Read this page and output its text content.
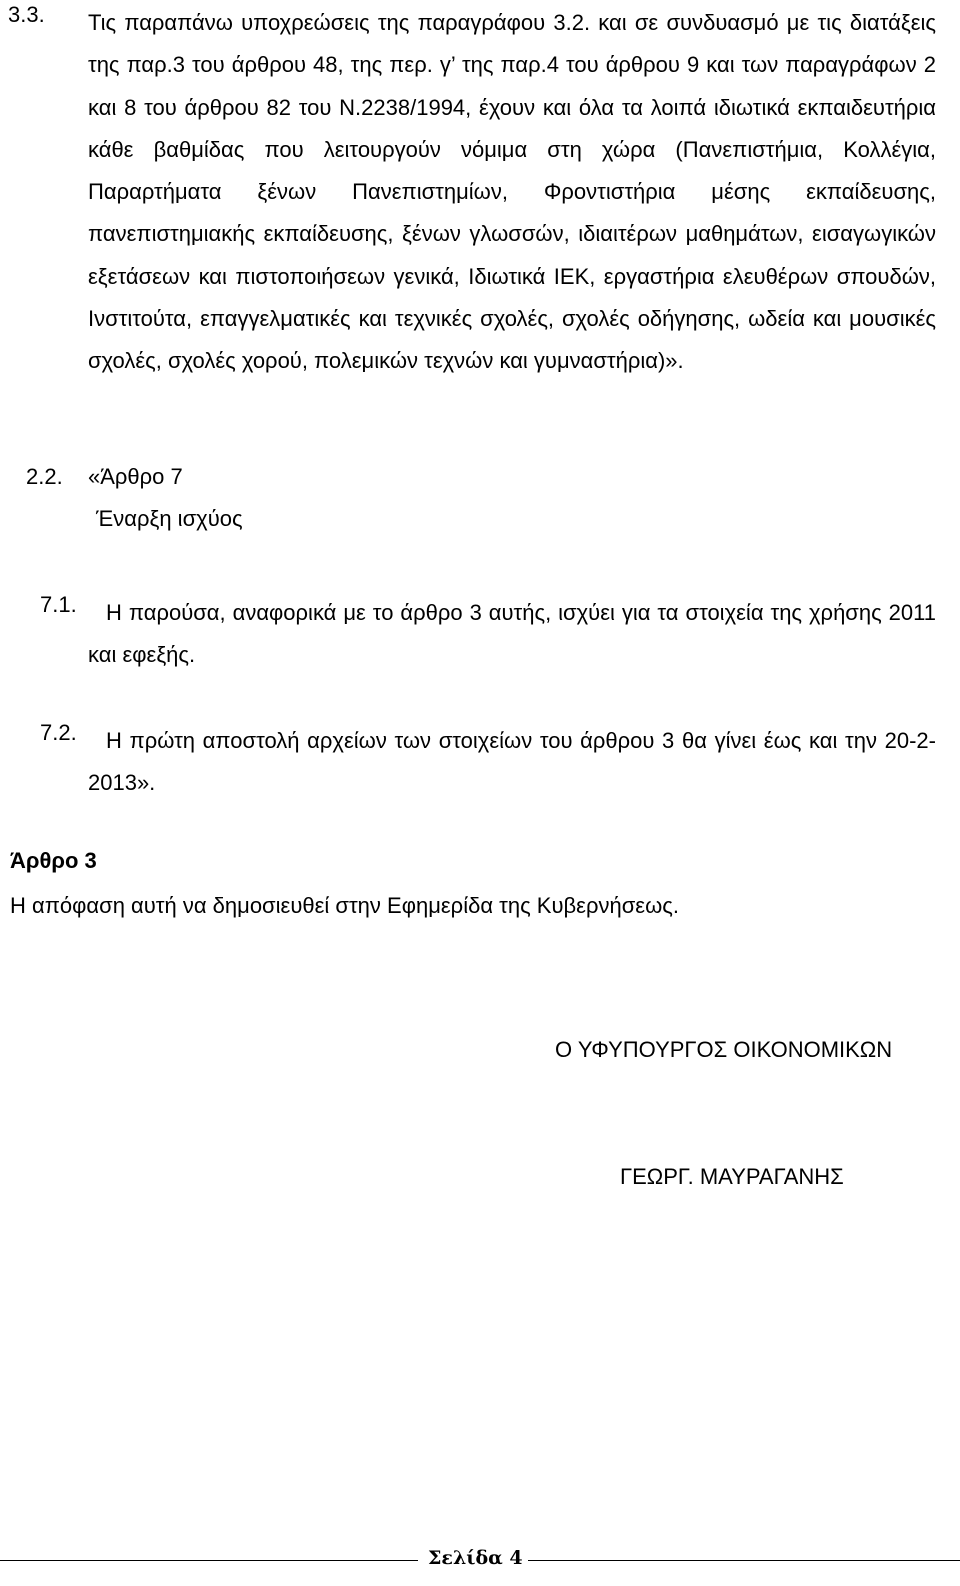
3.3. Τις παραπάνω υποχρεώσεις της παραγράφου 3.2. και σε συνδυασμό με τις διατάξεις της παρ.3 του άρθρου 48, της περ. γ’ της παρ.4 του άρθρου 9 και των παραγράφων 2 και 8 του άρθρου 82 του Ν.2238/1994, έχουν και όλα τα λοιπά ιδιωτικά εκπαιδευτήρια κάθε βαθμίδας που λειτουργούν νόμιμα στη χώρα (Πανεπιστήμια, Κολλέγια, Παραρτήματα ξένων Πανεπιστημίων, Φροντιστήρια μέσης εκπαίδευσης, πανεπιστημιακής εκπαίδευσης, ξένων γλωσσών, ιδιαιτέρων μαθημάτων, εισαγωγικών εξετάσεων και πιστοποιήσεων γενικά, Ιδιωτικά ΙΕΚ, εργαστήρια ελευθέρων σπουδών, Ινστιτούτα, επαγγελματικές και τεχνικές σχολές, σχολές οδήγησης, ωδεία και μουσικές σχολές, σχολές χορού, πολεμικών τεχνών και γυμναστήρια)».

2.2. «Άρθρο 7
Έναρξη ισχύος
7.1.	Η παρούσα, αναφορικά με το άρθρο 3 αυτής, ισχύει για τα στοιχεία της χρήσης 2011 και εφεξής.

7.2.	Η πρώτη αποστολή αρχείων των στοιχείων του άρθρου 3 θα γίνει έως και την 20-2-2013».

Άρθρο 3
Η απόφαση αυτή να δημοσιευθεί στην Εφημερίδα της Κυβερνήσεως.
Ο ΥΦΥΠΟΥΡΓΟΣ ΟΙΚΟΝΟΜΙΚΩΝ
ΓΕΩΡΓ. ΜΑΥΡΑΓΑΝΗΣ
Σελίδα 4
